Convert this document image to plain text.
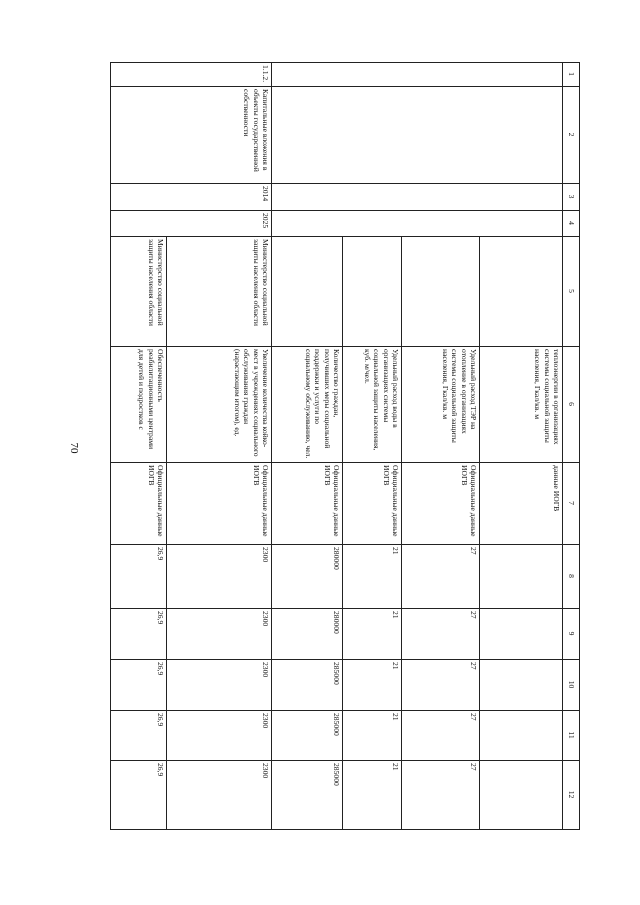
70
1
2
3
4
5
6
7
8
9
10
11
12
теплоэнергии в организациях системы социальной защиты населения, Гкал/кв. м
данные ИОГВ
Удельный расход ТЭР на отопление в организациях системы социальной защиты населения, Гкал/кв. м
Официальные данные ИОГВ
27
27
27
27
27
Удельный расход воды в организациях системы социальной защиты населения, куб. м/чел.
Официальные данные ИОГВ
21
21
21
21
21
Количество граждан, получивших меры социальной поддержки и услуги по социальному обслуживанию, чел.
Официальные данные ИОГВ
280000
280000
285000
285000
285000
1.1.2.
Капитальные вложения в объекты государственной собственности
2014
2025
Министерство социальной защиты населения области
Увеличение количества койко-мест в учреждениях социального обслуживания граждан (нарастающим итогом), ед.
Официальные данные ИОГВ
2300
2300
2300
2300
2300
Министерство социальной защиты населения области
Обеспеченность реабилитационными центрами для детей и подростков с
Официальные данные ИОГВ
26,9
26,9
26,9
26,9
26,9
